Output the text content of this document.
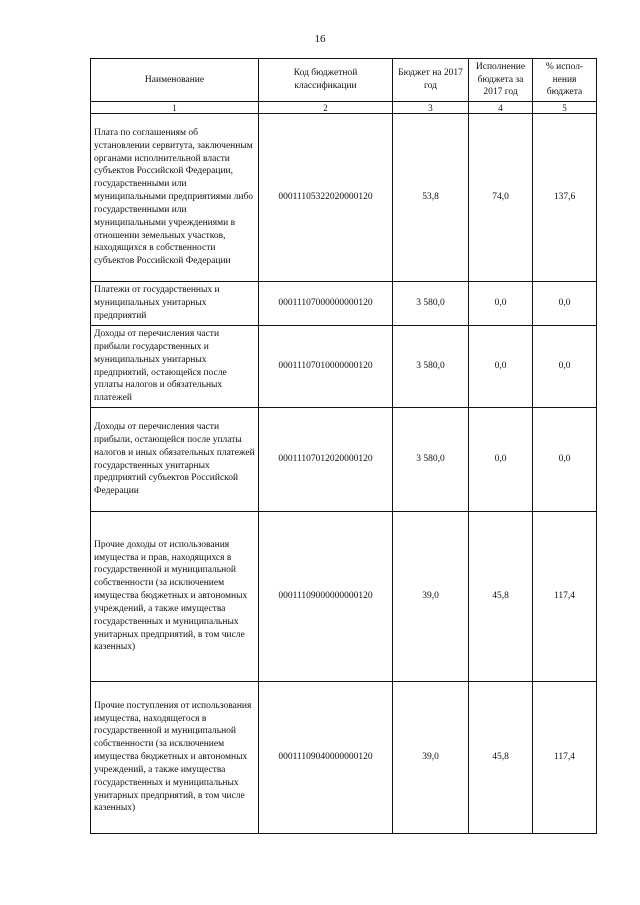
16
Наименование	Код бюджетной классификации	Бюджет на 2017 год	Исполнение бюджета за 2017 год	% испол-нения бюджета
1	2	3	4	5
Плата по соглашениям об установлении сервитута, заключенным органами исполнительной власти субъектов Российской Федерации, государственными или муниципальными предприятиями либо государственными или муниципальными учреждениями в отношении земельных участков, находящихся в собственности субъектов Российской Федерации	00011105322020000120	53,8	74,0	137,6
Платежи от государственных и муниципальных унитарных предприятий	00011107000000000120	3 580,0	0,0	0,0
Доходы от перечисления части прибыли государственных и муниципальных унитарных предприятий, остающейся после уплаты налогов и обязательных платежей	00011107010000000120	3 580,0	0,0	0,0
Доходы от перечисления части прибыли, остающейся после уплаты налогов и иных обязательных платежей государственных унитарных предприятий субъектов Российской Федерации	00011107012020000120	3 580,0	0,0	0,0
Прочие доходы от использования имущества и прав, находящихся в государственной и муниципальной собственности (за исключением имущества бюджетных и автономных учреждений, а также имущества государственных и муниципальных унитарных предприятий, в том числе казенных)	00011109000000000120	39,0	45,8	117,4
Прочие поступления от использования имущества, находящегося в государственной и муниципальной собственности (за исключением имущества бюджетных и автономных учреждений, а также имущества государственных и муниципальных унитарных предприятий, в том числе казенных)	00011109040000000120	39,0	45,8	117,4
